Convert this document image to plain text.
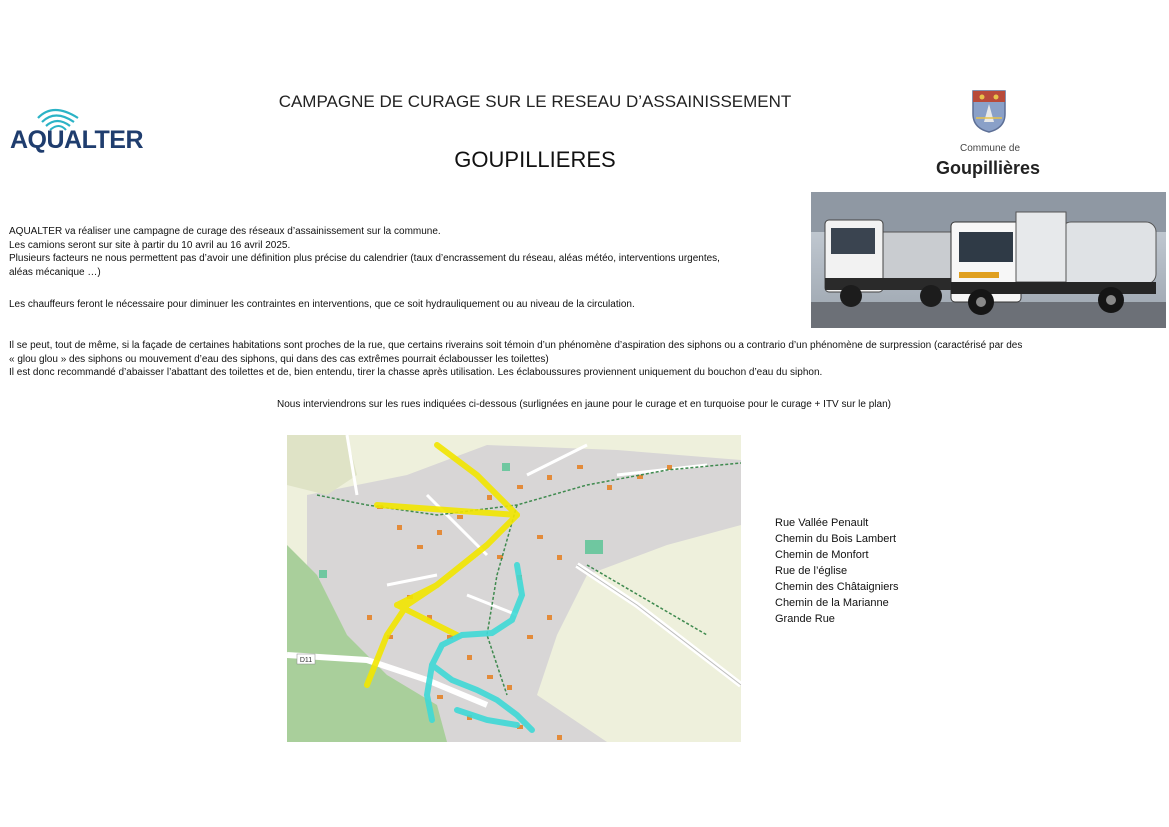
AQUALTER
CAMPAGNE DE CURAGE SUR LE RESEAU D’ASSAINISSEMENT
GOUPILLIERES	Commune de
Goupillières
AQUALTER va réaliser une campagne de curage des réseaux d’assainissement sur la commune.
Les camions seront sur site à partir du 10 avril au 16 avril 2025.
Plusieurs facteurs ne nous permettent pas d’avoir une définition plus précise du calendrier (taux d’encrassement du réseau, aléas météo, interventions urgentes,
aléas mécanique …)
Les chauffeurs feront le nécessaire pour diminuer les contraintes en interventions, que ce soit hydrauliquement ou au niveau de la circulation.
Il se peut, tout de même, si la façade de certaines habitations sont proches de la rue, que certains riverains soit témoin d’un phénomène d’aspiration des siphons ou a contrario d’un phénomène de surpression (caractérisé par des
« glou glou » des siphons ou mouvement d’eau des siphons, qui dans des cas extrêmes pourrait éclabousser les toilettes)
Il est donc recommandé d’abaisser l’abattant des toilettes et de, bien entendu, tirer la chasse après utilisation. Les éclaboussures proviennent uniquement du bouchon d’eau du siphon.
Nous interviendrons sur les rues indiquées ci-dessous (surlignées en jaune pour le curage et en turquoise pour le curage + ITV sur le plan)
D11
Rue Vallée Penault
Chemin du Bois Lambert
Chemin de Monfort
Rue de l’église
Chemin des Châtaigniers
Chemin de la Marianne
Grande Rue
